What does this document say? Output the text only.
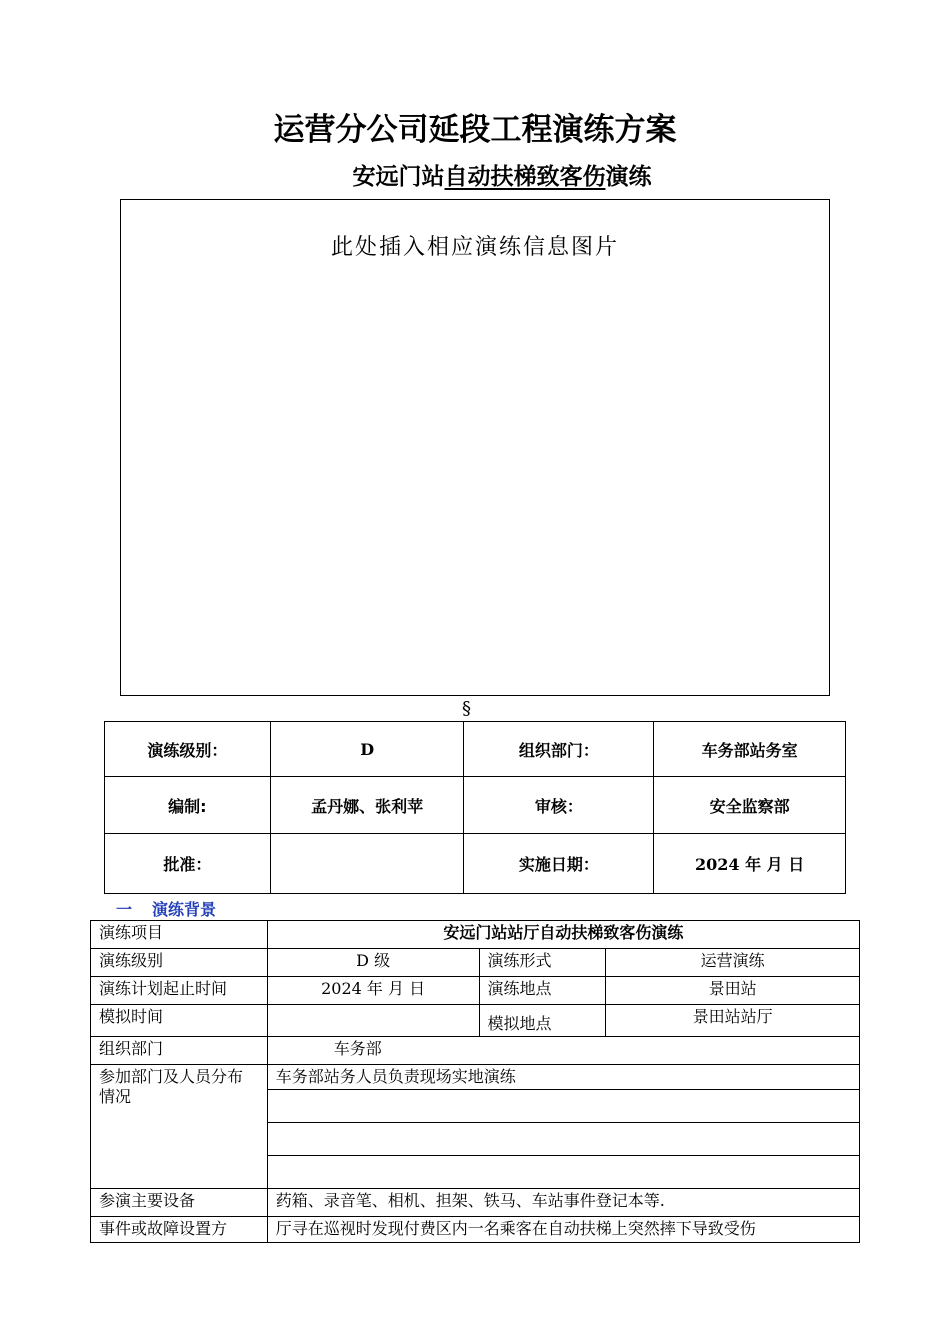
运营分公司延段工程演练方案
安远门站自动扶梯致客伤演练
此处插入相应演练信息图片
§
演练级别：	D	组织部门：	车务部站务室
编制:	孟丹娜、张利苹	审核：	安全监察部
批准：		实施日期：	2024 年 月 日
一 演练背景
演练项目	安远门站站厅自动扶梯致客伤演练		
演练级别	D 级	演练形式	运营演练
演练计划起止时间	2024 年 月 日	演练地点	景田站
模拟时间		模拟地点	景田站站厅
组织部门	车务部		
参加部门及人员分布情况	车务部站务人员负责现场实地演练		

参演主要设备	药箱、录音笔、相机、担架、铁马、车站事件登记本等.		
事件或故障设置方	厅寻在巡视时发现付费区内一名乘客在自动扶梯上突然摔下导致受伤		
